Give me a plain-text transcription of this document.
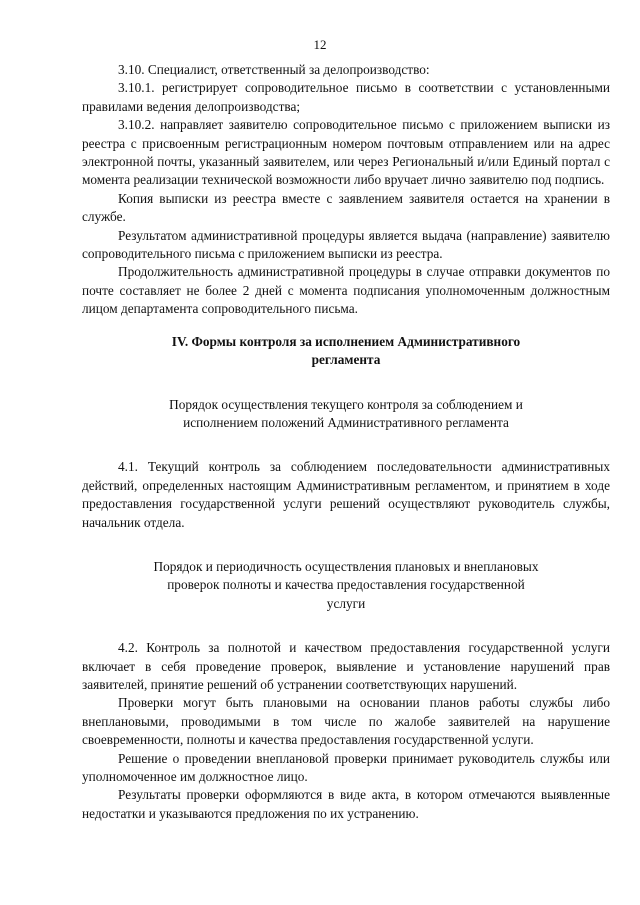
12

3.10. Специалист, ответственный за делопроизводство:

3.10.1. регистрирует сопроводительное письмо в соответствии с установленными правилами ведения делопроизводства;

3.10.2. направляет заявителю сопроводительное письмо с приложением выписки из реестра с присвоенным регистрационным номером почтовым отправлением или на адрес электронной почты, указанный заявителем, или через Региональный и/или Единый портал с момента реализации технической возможности либо вручает лично заявителю под подпись.

Копия выписки из реестра вместе с заявлением заявителя остается на хранении в службе.

Результатом административной процедуры является выдача (направление) заявителю сопроводительного письма с приложением выписки из реестра.

Продолжительность административной процедуры в случае отправки документов по почте составляет не более 2 дней с момента подписания уполномоченным должностным лицом департамента сопроводительного письма.

IV. Формы контроля за исполнением Административного регламента
Порядок осуществления текущего контроля за соблюдением и исполнением положений Административного регламента

4.1. Текущий контроль за соблюдением последовательности административных действий, определенных настоящим Административным регламентом, и принятием в ходе предоставления государственной услуги решений осуществляют руководитель службы, начальник отдела.

Порядок и периодичность осуществления плановых и внеплановых проверок полноты и качества предоставления государственной услуги

4.2. Контроль за полнотой и качеством предоставления государственной услуги включает в себя проведение проверок, выявление и установление нарушений прав заявителей, принятие решений об устранении соответствующих нарушений.

Проверки могут быть плановыми на основании планов работы службы либо внеплановыми, проводимыми в том числе по жалобе заявителей на нарушение своевременности, полноты и качества предоставления государственной услуги.

Решение о проведении внеплановой проверки принимает руководитель службы или уполномоченное им должностное лицо.

Результаты проверки оформляются в виде акта, в котором отмечаются выявленные недостатки и указываются предложения по их устранению.
